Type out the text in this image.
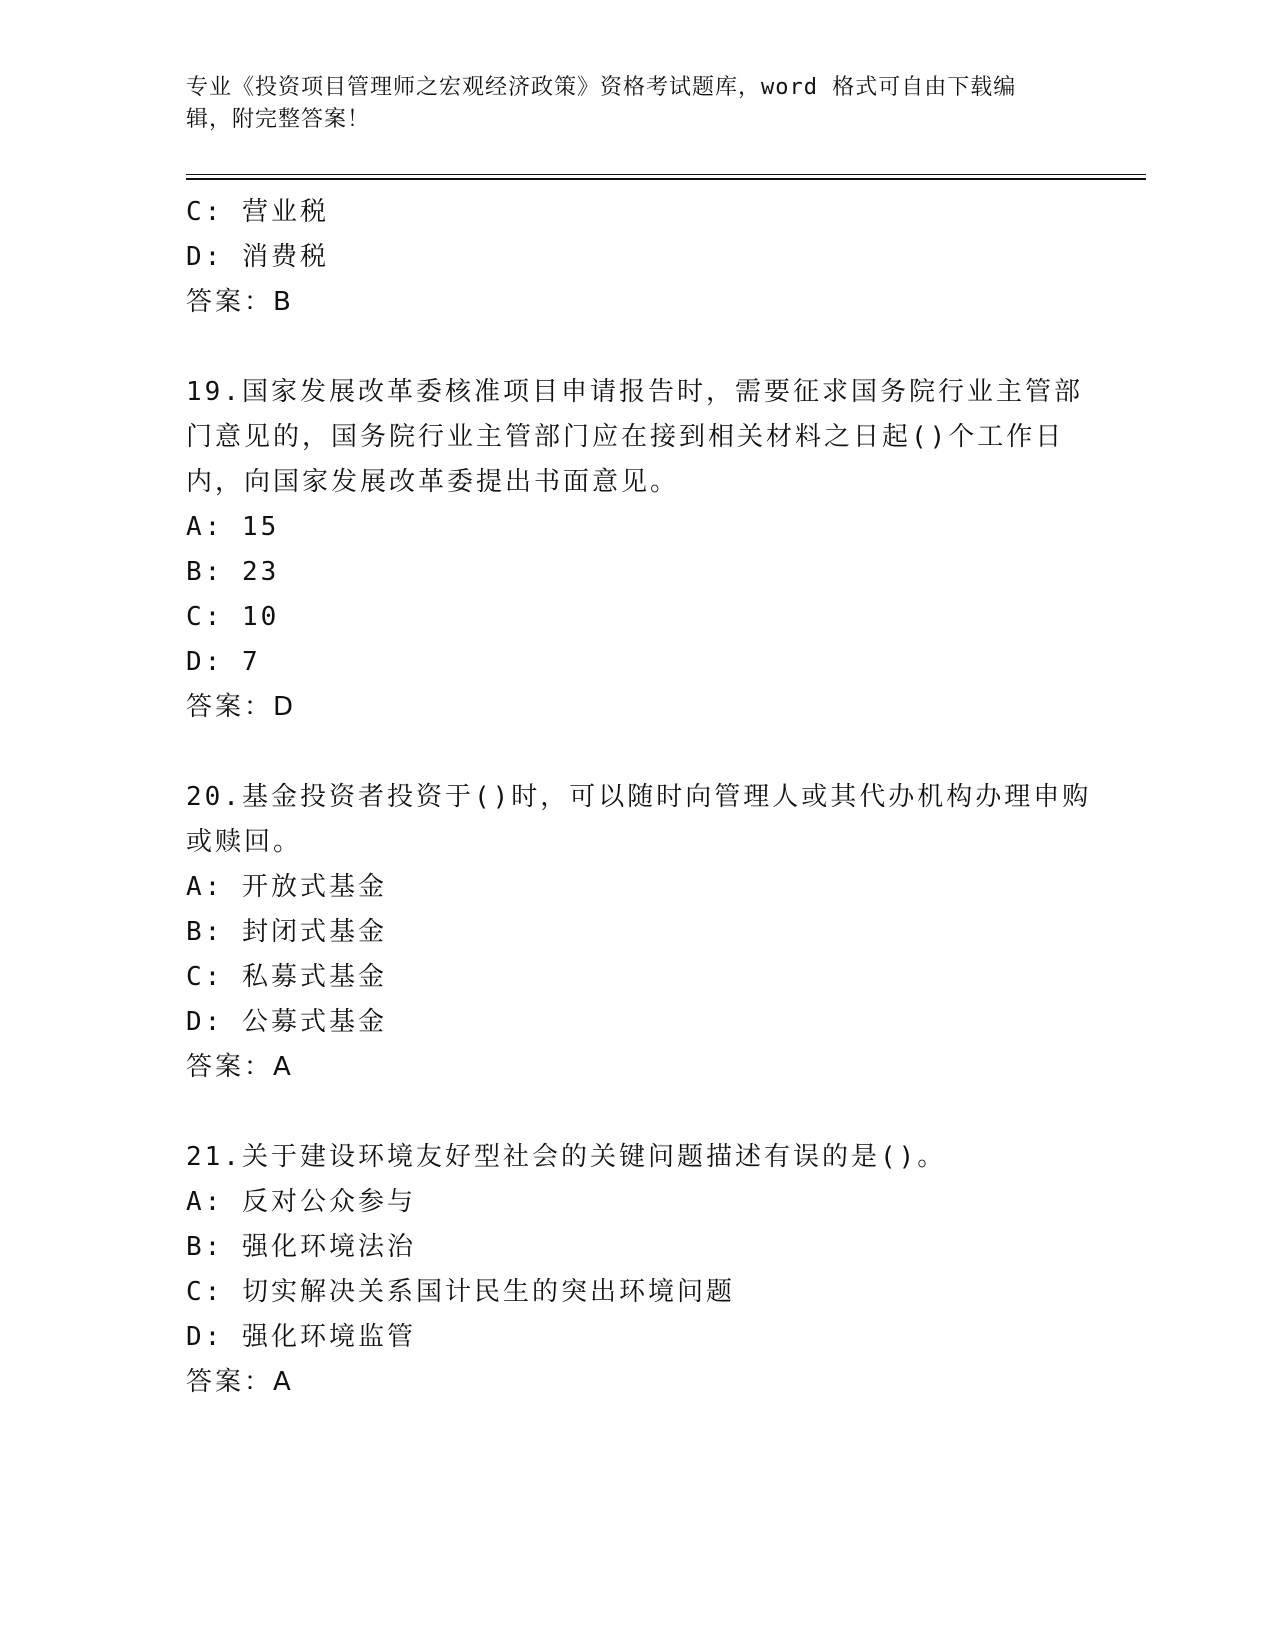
专业《投资项目管理师之宏观经济政策》资格考试题库，word 格式可自由下载编
辑，附完整答案！
C: 营业税
D: 消费税
答案：B
19.国家发展改革委核准项目申请报告时，需要征求国务院行业主管部
门意见的，国务院行业主管部门应在接到相关材料之日起()个工作日
内，向国家发展改革委提出书面意见。
A: 15
B: 23
C: 10
D: 7
答案：D
20.基金投资者投资于()时，可以随时向管理人或其代办机构办理申购
或赎回。
A: 开放式基金
B: 封闭式基金
C: 私募式基金
D: 公募式基金
答案：A
21.关于建设环境友好型社会的关键问题描述有误的是()。
A: 反对公众参与
B: 强化环境法治
C: 切实解决关系国计民生的突出环境问题
D: 强化环境监管
答案：A
